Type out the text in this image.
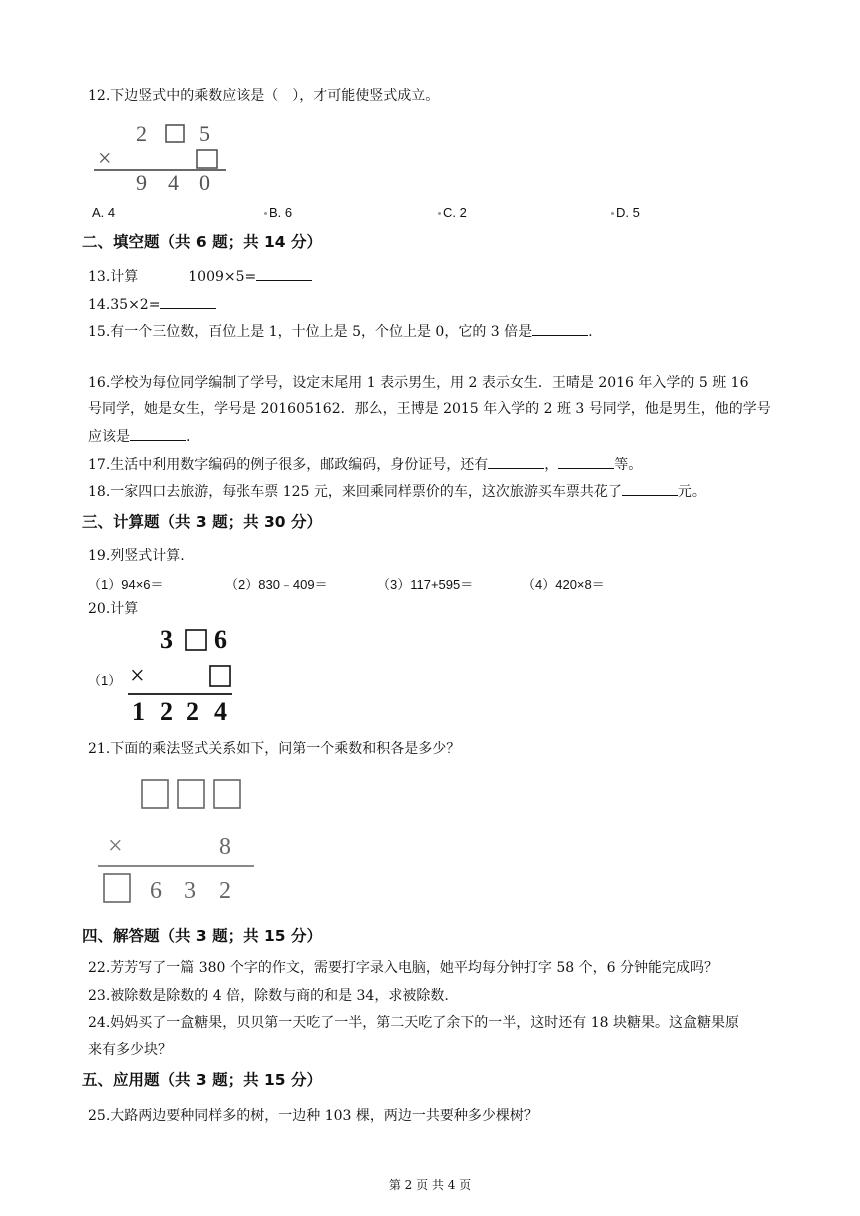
12.下边竖式中的乘数应该是（　），才可能使竖式成立。
2 5
×
9 4 0
A. 4	B. 6	C. 2	D. 5
二、填空题（共 6 题；共 14 分）
13.计算	1009×5=
14.35×2=
15.有一个三位数，百位上是 1，十位上是 5，个位上是 0，它的 3 倍是	.
16.学校为每位同学编制了学号，设定末尾用 1 表示男生，用 2 表示女生．王晴是 2016 年入学的 5 班 16
号同学，她是女生，学号是 201605162．那么，王博是 2015 年入学的 2 班 3 号同学，他是男生，他的学号
应该是	.
17.生活中利用数字编码的例子很多，邮政编码，身份证号，还有	，	等。
18.一家四口去旅游，每张车票 125 元，来回乘同样票价的车，这次旅游买车票共花了	元。
三、计算题（共 3 题；共 30 分）
19.列竖式计算.
（1）94×6＝	（2）830﹣409＝	（3）117+595＝	（4）420×8＝
20.计算
（1）
3 6
×
1 2 2 4
21.下面的乘法竖式关系如下，问第一个乘数和积各是多少？
×	8
6 3 2
四、解答题（共 3 题；共 15 分）
22.芳芳写了一篇 380 个字的作文，需要打字录入电脑，她平均每分钟打字 58 个，6 分钟能完成吗？
23.被除数是除数的 4 倍，除数与商的和是 34，求被除数.
24.妈妈买了一盒糖果，贝贝第一天吃了一半，第二天吃了余下的一半，这时还有 18 块糖果。这盒糖果原
来有多少块？
五、应用题（共 3 题；共 15 分）
25.大路两边要种同样多的树，一边种 103 棵，两边一共要种多少棵树？
第 2 页 共 4 页
